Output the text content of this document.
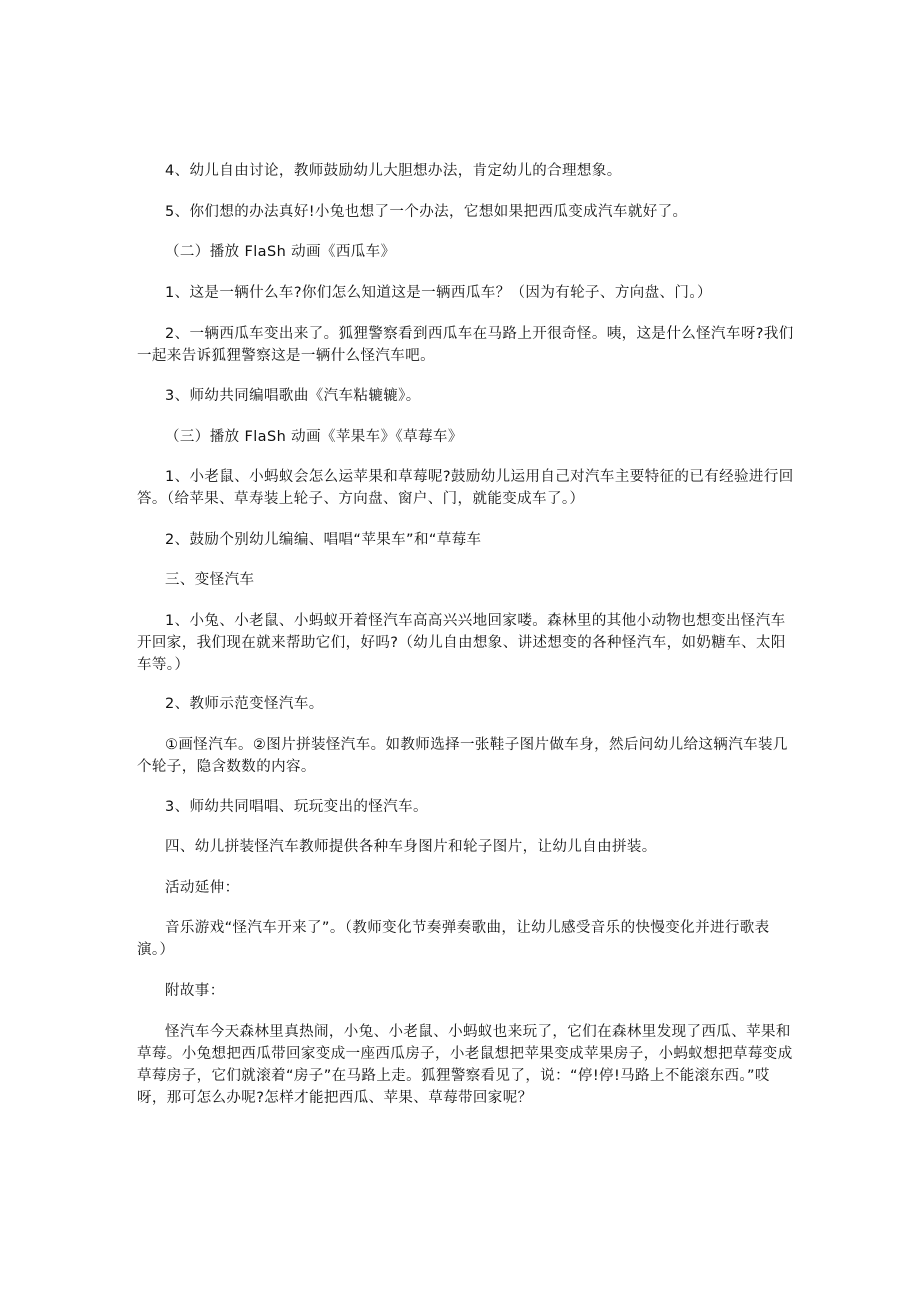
4、幼儿自由讨论，教师鼓励幼儿大胆想办法，肯定幼儿的合理想象。

5、你们想的办法真好!小兔也想了一个办法，它想如果把西瓜变成汽车就好了。

（二）播放 FlaSh 动画《西瓜车》

1、这是一辆什么车?你们怎么知道这是一辆西瓜车？（因为有轮子、方向盘、门。）

2、一辆西瓜车变出来了。狐狸警察看到西瓜车在马路上开很奇怪。咦，这是什么怪汽车呀?我们一起来告诉狐狸警察这是一辆什么怪汽车吧。

3、师幼共同编唱歌曲《汽车粘辘辘》。

（三）播放 FlaSh 动画《苹果车》《草莓车》

1、小老鼠、小蚂蚁会怎么运苹果和草莓呢?鼓励幼儿运用自己对汽车主要特征的已有经验进行回答。（给苹果、草寿装上轮子、方向盘、窗户、门，就能变成车了。）

2、鼓励个别幼儿编编、唱唱“苹果车”和“草莓车

三、变怪汽车

1、小兔、小老鼠、小蚂蚁开着怪汽车高高兴兴地回家喽。森林里的其他小动物也想变出怪汽车开回家，我们现在就来帮助它们，好吗?（幼儿自由想象、讲述想变的各种怪汽车，如奶糖车、太阳车等。）

2、教师示范变怪汽车。

①画怪汽车。②图片拼装怪汽车。如教师选择一张鞋子图片做车身，然后问幼儿给这辆汽车装几个轮子，隐含数数的内容。

3、师幼共同唱唱、玩玩变出的怪汽车。

四、幼儿拼装怪汽车教师提供各种车身图片和轮子图片，让幼儿自由拼装。

活动延伸：

音乐游戏“怪汽车开来了”。（教师变化节奏弹奏歌曲，让幼儿感受音乐的快慢变化并进行歌表演。）

附故事：

怪汽车今天森林里真热闹，小兔、小老鼠、小蚂蚁也来玩了，它们在森林里发现了西瓜、苹果和草莓。小兔想把西瓜带回家变成一座西瓜房子，小老鼠想把苹果变成苹果房子，小蚂蚁想把草莓变成草莓房子，它们就滚着“房子”在马路上走。狐狸警察看见了，说：“停!停!马路上不能滚东西。”哎呀，那可怎么办呢?怎样才能把西瓜、苹果、草莓带回家呢？
